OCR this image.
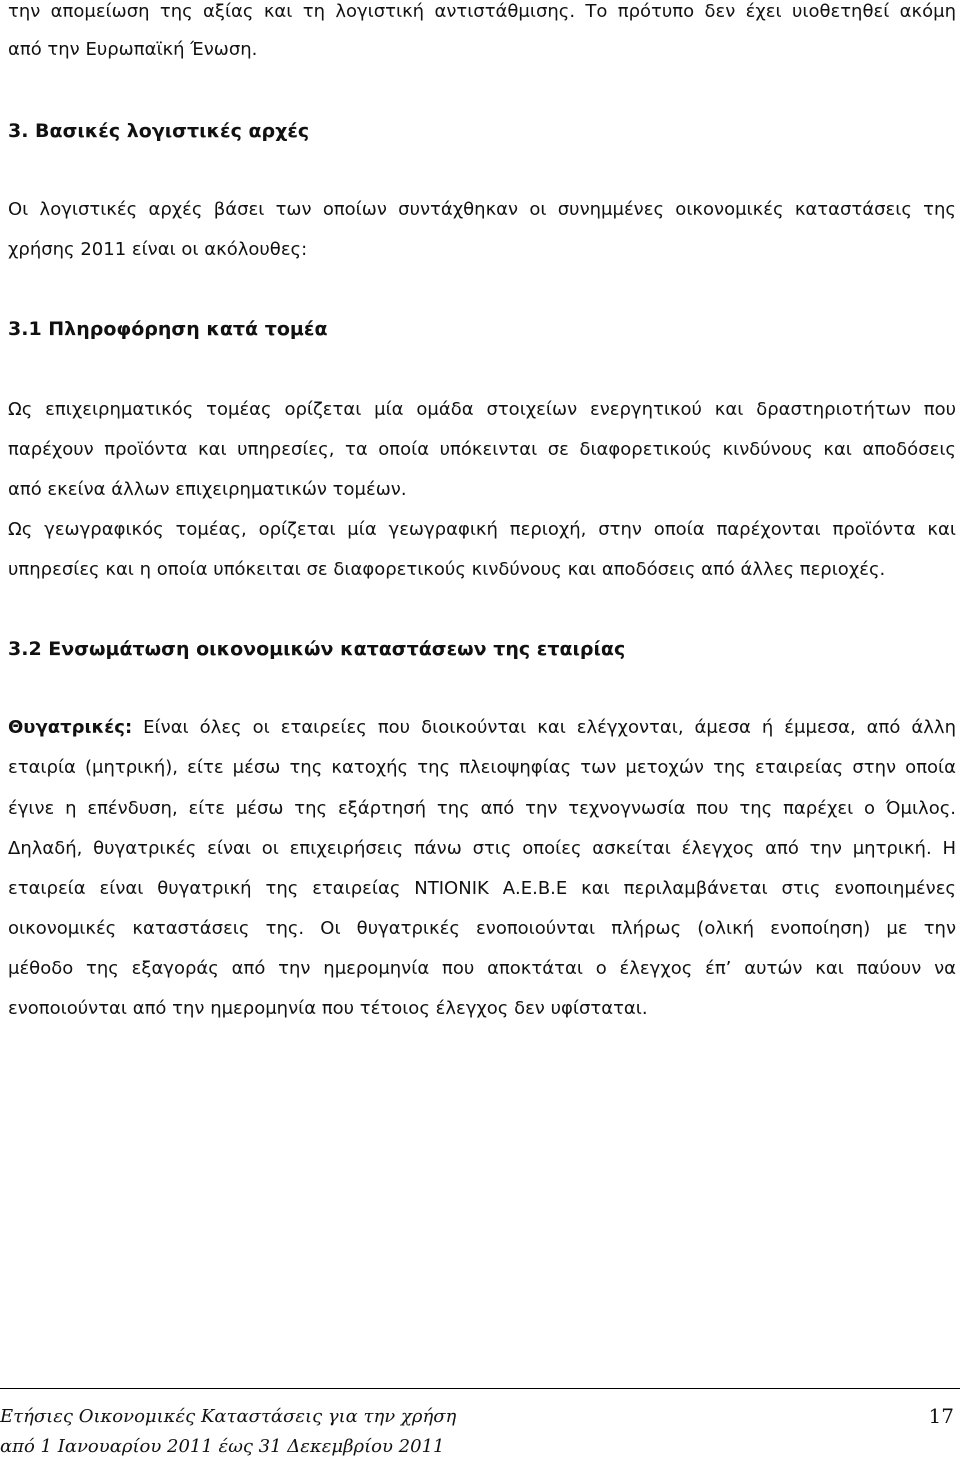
την απομείωση της αξίας και τη λογιστική αντιστάθμισης. Το πρότυπο δεν έχει υιοθετηθεί ακόμη

από την Ευρωπαϊκή Ένωση.

3. Βασικές λογιστικές αρχές

Οι λογιστικές αρχές βάσει των οποίων συντάχθηκαν οι συνημμένες οικονομικές καταστάσεις της

χρήσης 2011 είναι οι ακόλουθες:

3.1 Πληροφόρηση κατά τομέα

Ως επιχειρηματικός τομέας ορίζεται μία ομάδα στοιχείων ενεργητικού και δραστηριοτήτων που

παρέχουν προϊόντα και υπηρεσίες, τα οποία υπόκεινται σε διαφορετικούς κινδύνους και αποδόσεις

από εκείνα άλλων επιχειρηματικών τομέων.

Ως γεωγραφικός τομέας, ορίζεται μία γεωγραφική περιοχή, στην οποία παρέχονται προϊόντα και

υπηρεσίες και η οποία υπόκειται σε διαφορετικούς κινδύνους και αποδόσεις από άλλες περιοχές.

3.2 Ενσωμάτωση οικονομικών καταστάσεων της εταιρίας

Θυγατρικές: Είναι όλες οι εταιρείες που διοικούνται και ελέγχονται, άμεσα ή έμμεσα, από άλλη

εταιρία (μητρική), είτε μέσω της κατοχής της πλειοψηφίας των μετοχών της εταιρείας στην οποία

έγινε η επένδυση, είτε μέσω της εξάρτησή της από την τεχνογνωσία που της παρέχει ο Όμιλος.

Δηλαδή, θυγατρικές είναι οι επιχειρήσεις πάνω στις οποίες ασκείται έλεγχος από την μητρική. Η

εταιρεία είναι θυγατρική της εταιρείας ΝΤΙΟΝΙΚ Α.Ε.Β.Ε και περιλαμβάνεται στις ενοποιημένες

οικονομικές καταστάσεις της. Οι θυγατρικές ενοποιούνται πλήρως (ολική ενοποίηση) με την

μέθοδο της εξαγοράς από την ημερομηνία που αποκτάται ο έλεγχος έπ’ αυτών και παύουν να

ενοποιούνται από την ημερομηνία που τέτοιος έλεγχος δεν υφίσταται.

Ετήσιες Οικονομικές Καταστάσεις για την χρήση
από 1 Ιανουαρίου 2011 έως 31 Δεκεμβρίου 2011
17
